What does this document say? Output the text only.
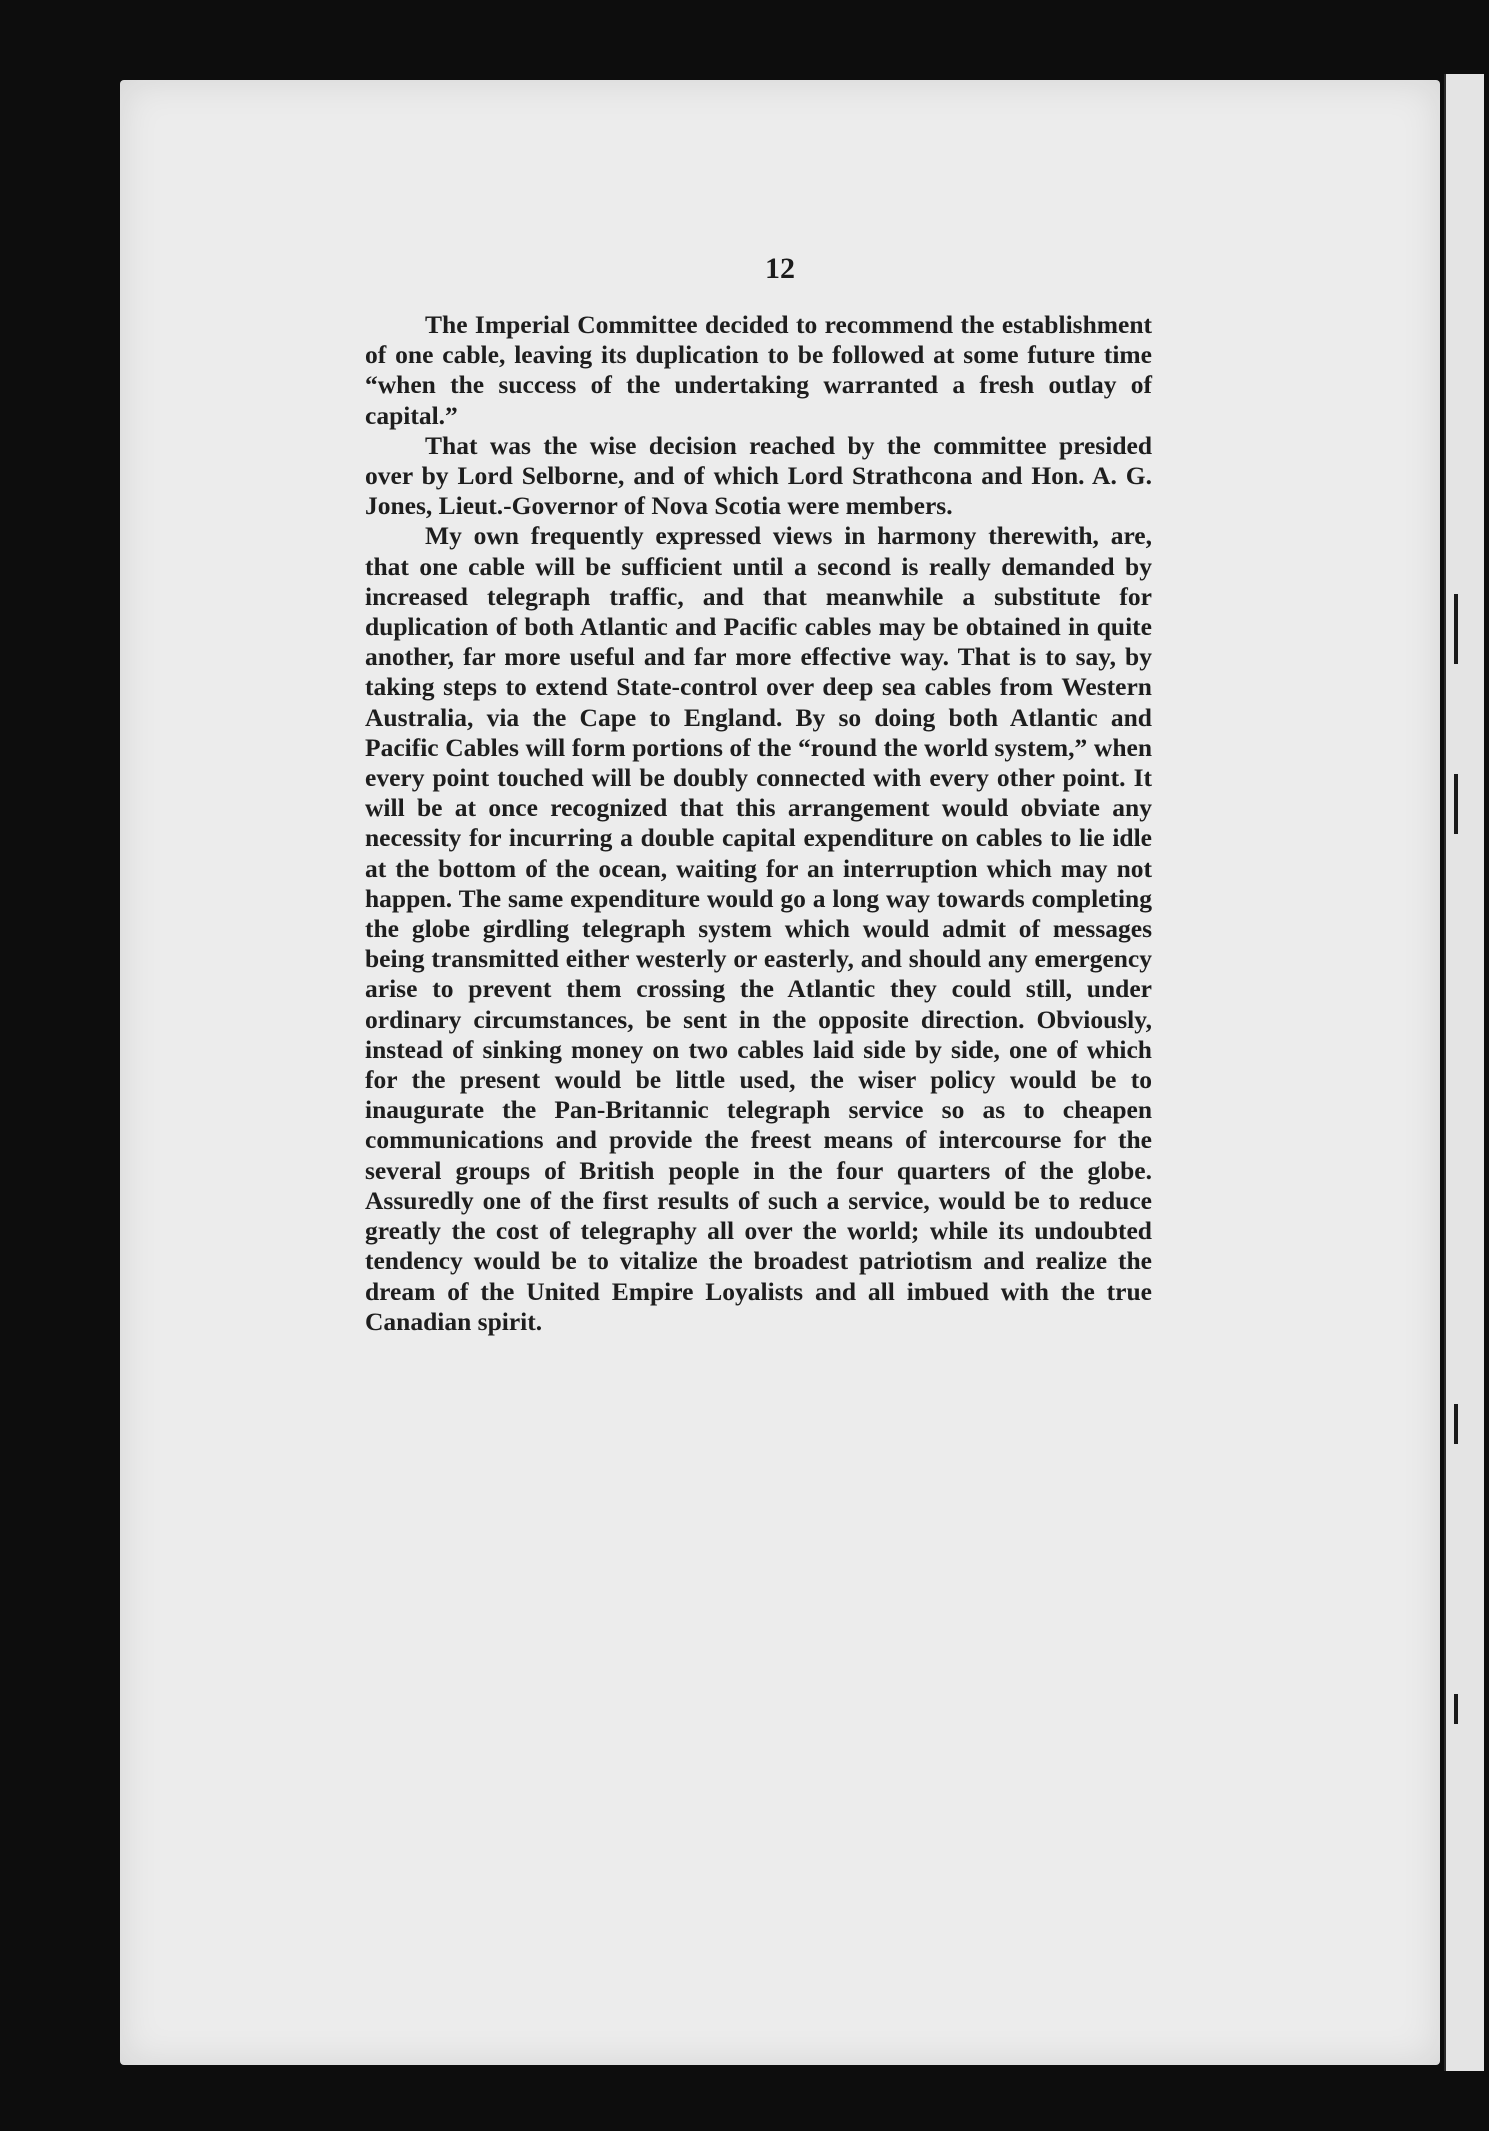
12

The Imperial Committee decided to recommend the establishment of one cable, leaving its duplication to be followed at some future time “when the success of the undertaking warranted a fresh outlay of capital.”

That was the wise decision reached by the committee presided over by Lord Selborne, and of which Lord Strathcona and Hon. A. G. Jones, Lieut.-Governor of Nova Scotia were members.

My own frequently expressed views in harmony therewith, are, that one cable will be sufficient until a second is really demanded by increased telegraph traffic, and that meanwhile a substitute for duplication of both Atlantic and Pacific cables may be obtained in quite another, far more useful and far more effective way. That is to say, by taking steps to extend State-control over deep sea cables from Western Australia, via the Cape to England. By so doing both Atlantic and Pacific Cables will form portions of the “round the world system,” when every point touched will be doubly connected with every other point. It will be at once recognized that this arrangement would obviate any necessity for incurring a double capital expenditure on cables to lie idle at the bottom of the ocean, waiting for an interruption which may not happen. The same expenditure would go a long way towards completing the globe girdling telegraph system which would admit of messages being transmitted either westerly or easterly, and should any emergency arise to prevent them crossing the Atlantic they could still, under ordinary circumstances, be sent in the opposite direction. Obviously, instead of sinking money on two cables laid side by side, one of which for the present would be little used, the wiser policy would be to inaugurate the Pan-Britannic telegraph service so as to cheapen communications and provide the freest means of intercourse for the several groups of British people in the four quarters of the globe. Assuredly one of the first results of such a service, would be to reduce greatly the cost of telegraphy all over the world; while its undoubted tendency would be to vitalize the broadest patriotism and realize the dream of the United Empire Loyalists and all imbued with the true Canadian spirit.
